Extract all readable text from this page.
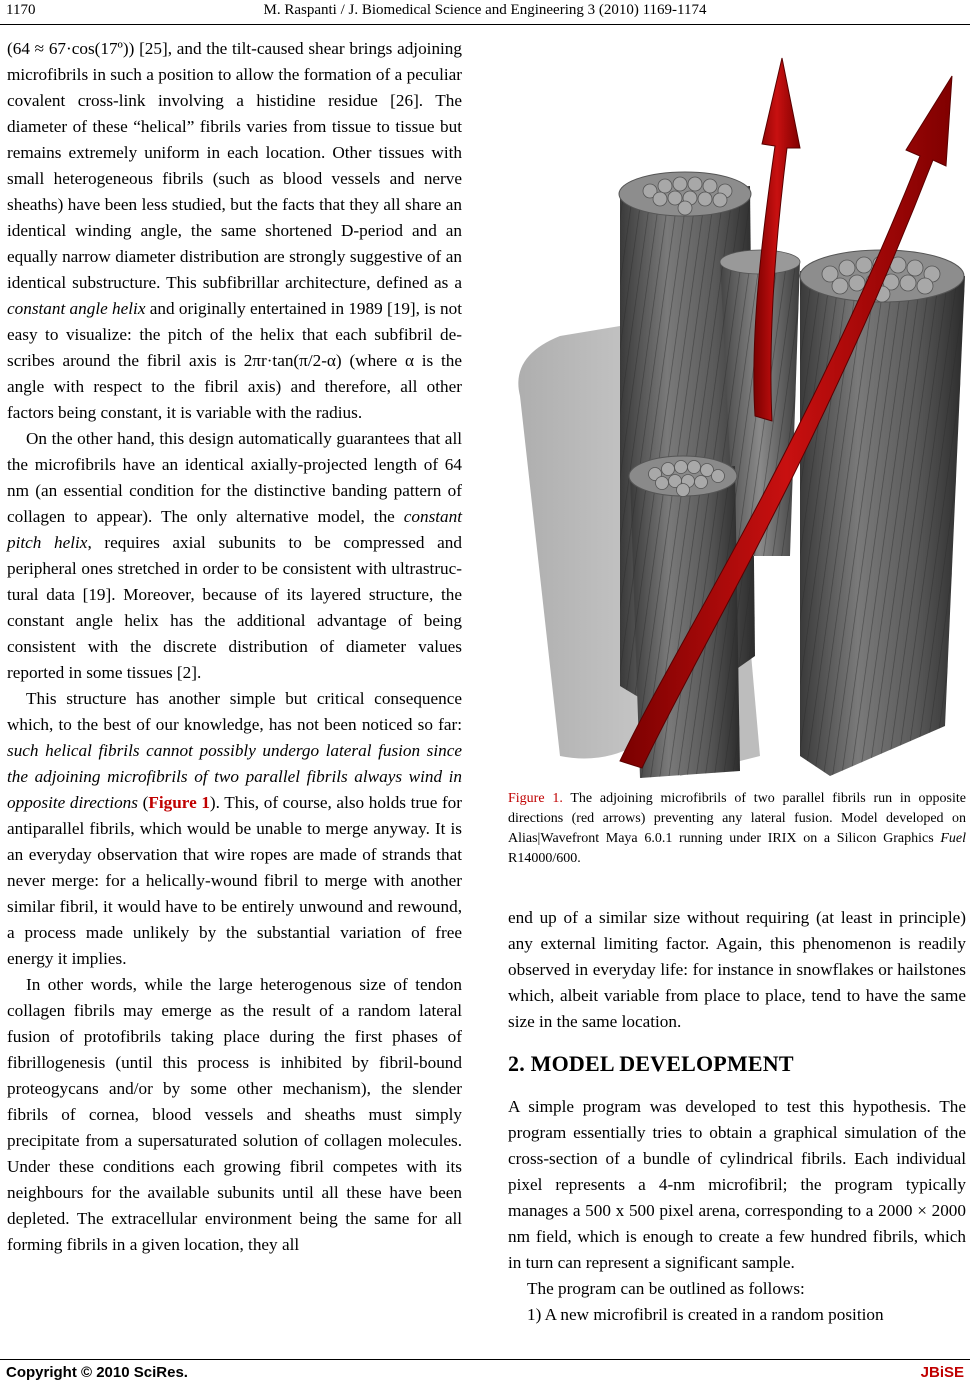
1170	M. Raspanti / J. Biomedical Science and Engineering 3 (2010) 1169-1174

(64 ≈ 67·cos(17º)) [25], and the tilt-caused shear brings adjoining microfibrils in such a position to allow the formation of a peculiar covalent cross-link involving a histidine residue [26]. The diameter of these “helical” fibrils varies from tissue to tissue but remains extremely uniform in each location. Other tissues with small heterogeneous fibrils (such as blood vessels and nerve sheaths) have been less studied, but the facts that they all share an identical winding angle, the same shortened D-period and an equally narrow diameter distribution are strongly suggestive of an identical substructure. This subfibrillar architecture, defined as a constant angle helix and originally entertained in 1989 [19], is not easy to visualize: the pitch of the helix that each subfibril describes around the fibril axis is 2πr·tan(π/2-α) (where α is the angle with respect to the fibril axis) and therefore, all other factors being constant, it is variable with the radius.

On the other hand, this design automatically guarantees that all the microfibrils have an identical axially-projected length of 64 nm (an essential condition for the distinctive banding pattern of collagen to appear). The only alternative model, the constant pitch helix, requires axial subunits to be compressed and peripheral ones stretched in order to be consistent with ultrastructural data [19]. Moreover, because of its layered structure, the constant angle helix has the additional advantage of being consistent with the discrete distribution of diameter values reported in some tissues [2].

This structure has another simple but critical consequence which, to the best of our knowledge, has not been noticed so far: such helical fibrils cannot possibly undergo lateral fusion since the adjoining microfibrils of two parallel fibrils always wind in opposite directions (Figure 1). This, of course, also holds true for antiparallel fibrils, which would be unable to merge anyway. It is an everyday observation that wire ropes are made of strands that never merge: for a helically-wound fibril to merge with another similar fibril, it would have to be entirely unwound and rewound, a process made unlikely by the substantial variation of free energy it implies.

In other words, while the large heterogenous size of tendon collagen fibrils may emerge as the result of a random lateral fusion of protofibrils taking place during the first phases of fibrillogenesis (until this process is inhibited by fibril-bound proteogycans and/or by some other mechanism), the slender fibrils of cornea, blood vessels and sheaths must simply precipitate from a supersaturated solution of collagen molecules. Under these conditions each growing fibril competes with its neighbours for the available subunits until all these have been depleted. The extracellular environment being the same for all forming fibrils in a given location, they all

Figure 1. The adjoining microfibrils of two parallel fibrils run in opposite directions (red arrows) preventing any lateral fusion. Model developed on Alias|Wavefront Maya 6.0.1 running under IRIX on a Silicon Graphics Fuel R14000/600.

end up of a similar size without requiring (at least in principle) any external limiting factor. Again, this phenomenon is readily observed in everyday life: for instance in snowflakes or hailstones which, albeit variable from place to place, tend to have the same size in the same location.

2. MODEL DEVELOPMENT

A simple program was developed to test this hypothesis. The program essentially tries to obtain a graphical simulation of the cross-section of a bundle of cylindrical fibrils. Each individual pixel represents a 4-nm microfibril; the program typically manages a 500 x 500 pixel arena, corresponding to a 2000 × 2000 nm field, which is enough to create a few hundred fibrils, which in turn can represent a significant sample.

The program can be outlined as follows:

1) A new microfibril is created in a random position

Copyright © 2010 SciRes.	JBiSE
